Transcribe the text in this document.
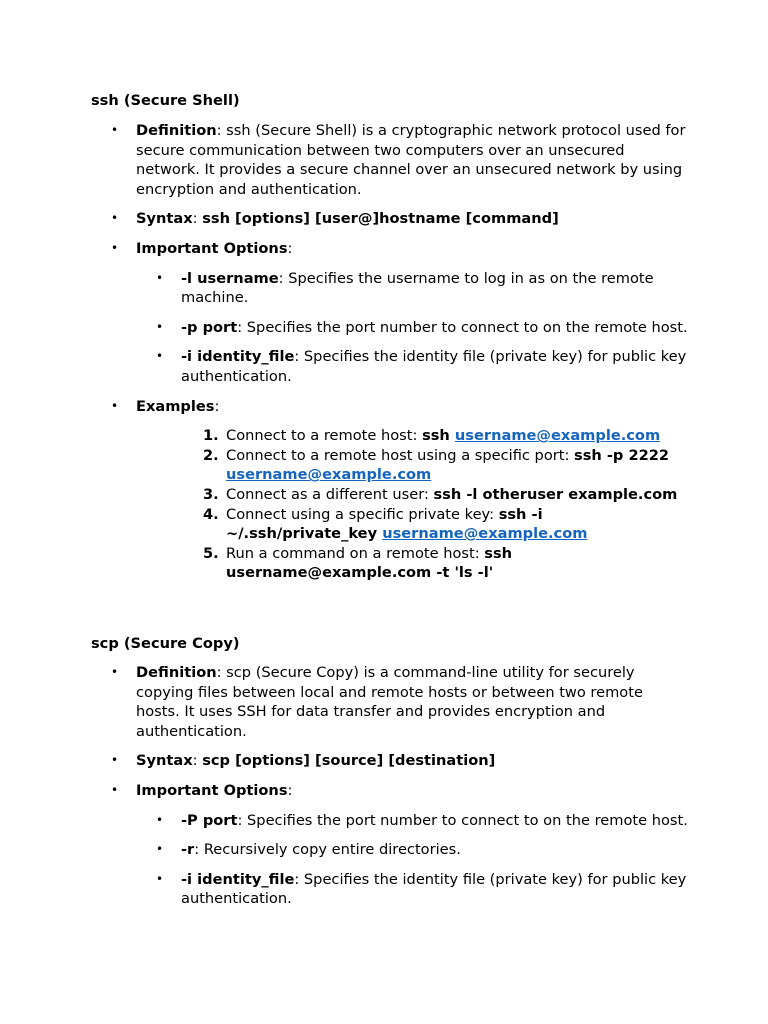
ssh (Secure Shell)

• Definition: ssh (Secure Shell) is a cryptographic network protocol used for secure communication between two computers over an unsecured network. It provides a secure channel over an unsecured network by using encryption and authentication.
• Syntax: ssh [options] [user@]hostname [command]
• Important Options:
• -l username: Specifies the username to log in as on the remote machine.
• -p port: Specifies the port number to connect to on the remote host.
• -i identity_file: Specifies the identity file (private key) for public key authentication.
• Examples:
1. Connect to a remote host: ssh username@example.com
2. Connect to a remote host using a specific port: ssh -p 2222 username@example.com
3. Connect as a different user: ssh -l otheruser example.com
4. Connect using a specific private key: ssh -i ~/.ssh/private_key username@example.com
5. Run a command on a remote host: ssh username@example.com -t 'ls -l'

scp (Secure Copy)

• Definition: scp (Secure Copy) is a command-line utility for securely copying files between local and remote hosts or between two remote hosts. It uses SSH for data transfer and provides encryption and authentication.
• Syntax: scp [options] [source] [destination]
• Important Options:
• -P port: Specifies the port number to connect to on the remote host.
• -r: Recursively copy entire directories.
• -i identity_file: Specifies the identity file (private key) for public key authentication.
